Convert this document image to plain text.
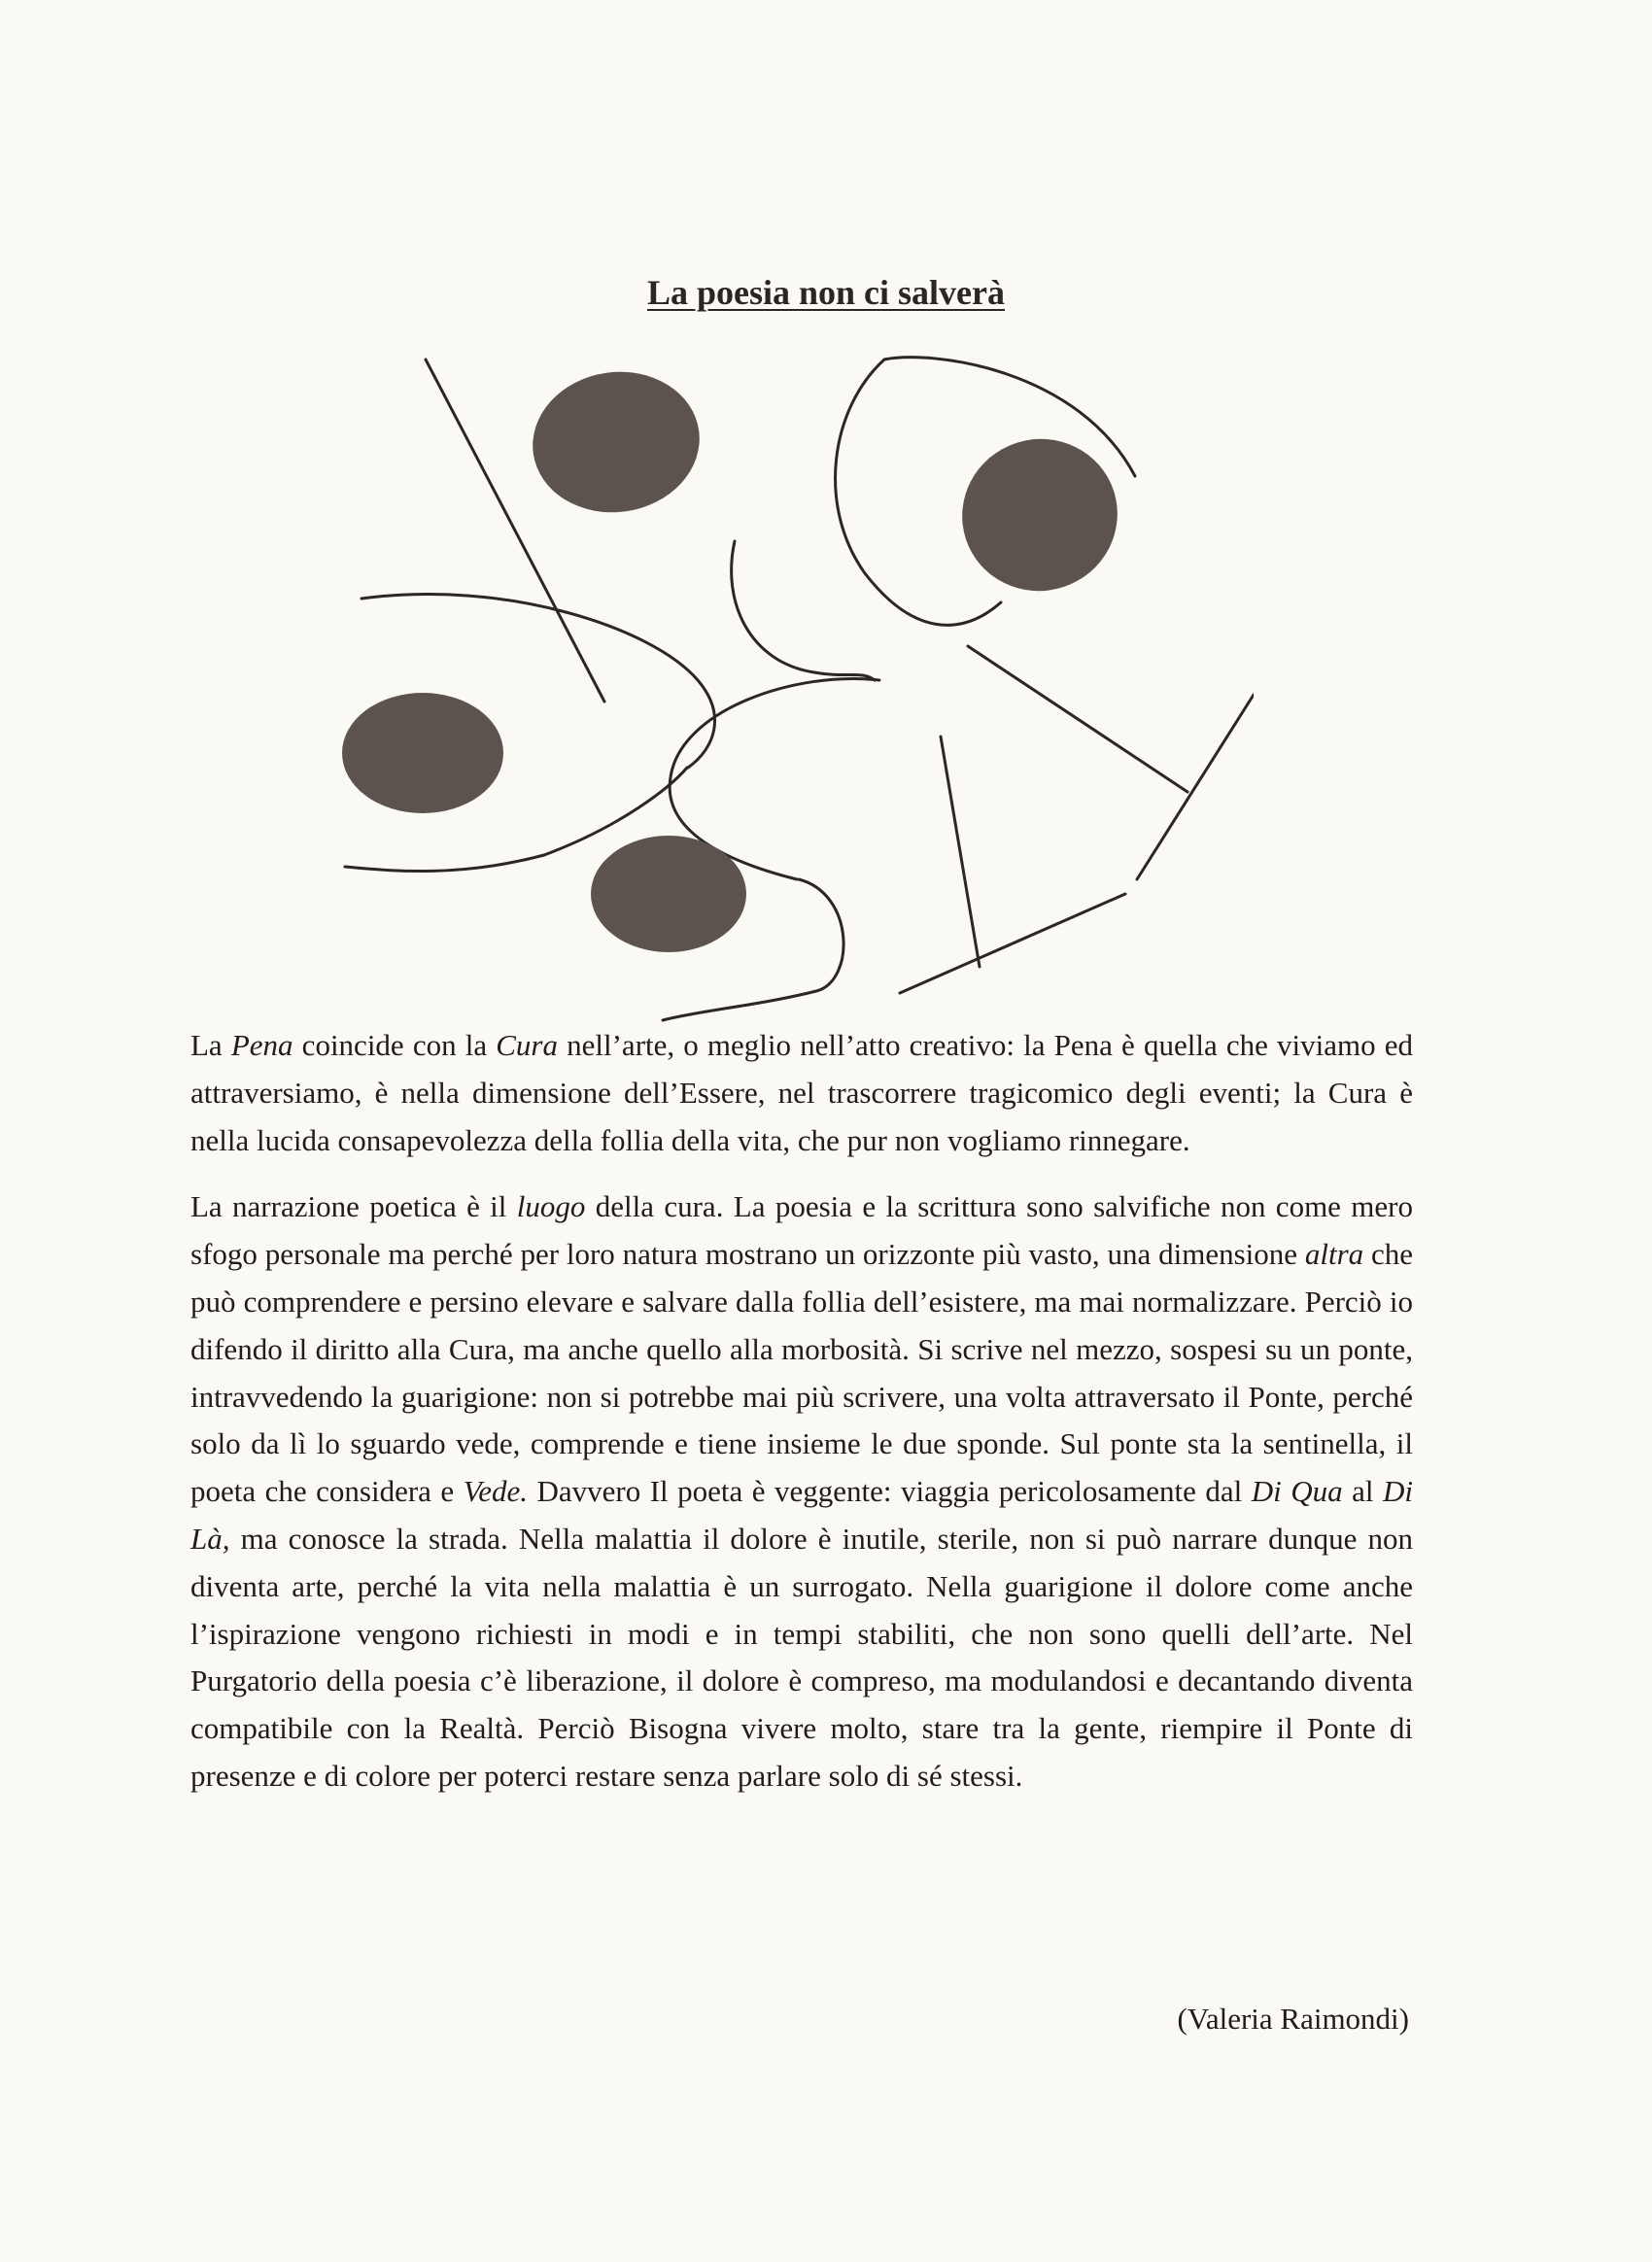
La poesia non ci salverà

La Pena coincide con la Cura nell’arte, o meglio nell’atto creativo: la Pena è quella che viviamo ed attraversiamo, è nella dimensione dell’Essere, nel trascorrere tragicomico degli eventi; la Cura è nella lucida consapevolezza della follia della vita, che pur non vogliamo rinnegare.

La narrazione poetica è il luogo della cura. La poesia e la scrittura sono salvifiche non come mero sfogo personale ma perché per loro natura mostrano un orizzonte più vasto, una dimensione altra che può comprendere e persino elevare e salvare dalla follia dell’esistere, ma mai normalizzare. Perciò io difendo il diritto alla Cura, ma anche quello alla morbosità. Si scrive nel mezzo, sospesi su un ponte, intravvedendo la guarigione: non si potrebbe mai più scrivere, una volta attraversato il Ponte, perché solo da lì lo sguardo vede, comprende e tiene insieme le due sponde. Sul ponte sta la sentinella, il poeta che considera e Vede. Davvero Il poeta è veggente: viaggia pericolosamente dal Di Qua al Di Là, ma conosce la strada. Nella malattia il dolore è inutile, sterile, non si può narrare dunque non diventa arte, perché la vita nella malattia è un surrogato. Nella guarigione il dolore come anche l’ispirazione vengono richiesti in modi e in tempi stabiliti, che non sono quelli dell’arte. Nel Purgatorio della poesia c’è liberazione, il dolore è compreso, ma modulandosi e decantando diventa compatibile con la Realtà. Perciò Bisogna vivere molto, stare tra la gente, riempire il Ponte di presenze e di colore per poterci restare senza parlare solo di sé stessi.

(Valeria Raimondi)
